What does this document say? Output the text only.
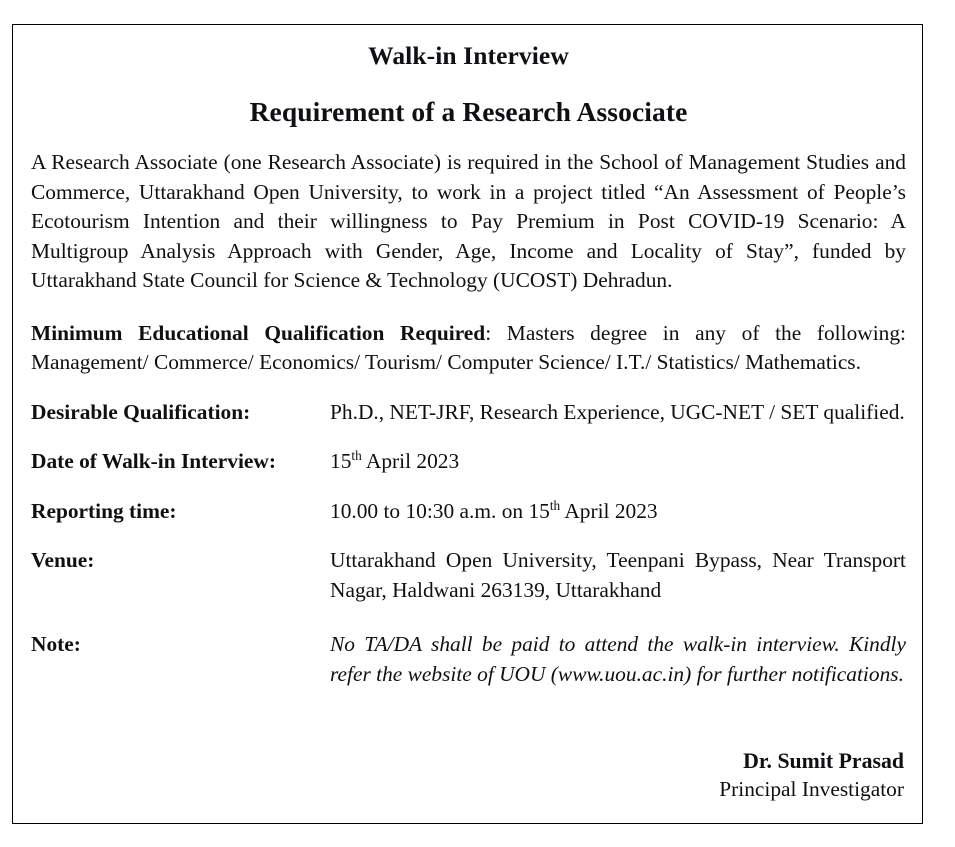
Walk-in Interview
Requirement of a Research Associate

A Research Associate (one Research Associate) is required in the School of Management Studies and Commerce, Uttarakhand Open University, to work in a project titled “An Assessment of People’s Ecotourism Intention and their willingness to Pay Premium in Post COVID-19 Scenario: A Multigroup Analysis Approach with Gender, Age, Income and Locality of Stay”, funded by Uttarakhand State Council for Science & Technology (UCOST) Dehradun.

Minimum Educational Qualification Required: Masters degree in any of the following: Management/ Commerce/ Economics/ Tourism/ Computer Science/ I.T./ Statistics/ Mathematics.

Desirable Qualification:	Ph.D., NET-JRF, Research Experience, UGC-NET / SET qualified.
Date of Walk-in Interview:	15th April 2023
Reporting time:	10.00 to 10:30 a.m. on 15th April 2023
Venue:	Uttarakhand Open University, Teenpani Bypass, Near Transport Nagar, Haldwani 263139, Uttarakhand
Note:	No TA/DA shall be paid to attend the walk-in interview. Kindly refer the website of UOU (www.uou.ac.in) for further notifications.
Dr. Sumit Prasad
Principal Investigator
